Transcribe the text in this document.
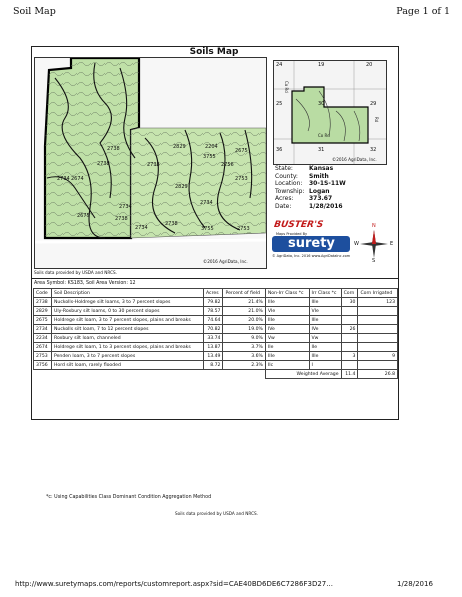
Soil Map	Page 1 of 1
Soils Map
2738
2738
2734 2674
2675
2734
2738
2734
2829
2738
2204
2675
3755
2756
2829
2734
2738
2753
3755	2753
©2016 AgriData, Inc.
24	19	20
25	30	29
36	31	32
Co Rd
Rd
Co Rd
©2016 AgriData, Inc.
State:	Kansas
County: Smith
Location: 30-1S-11W
Township: Logan
Acres:	373.67
Date:	1/28/2016
BUSTER'S
Maps Provided By
surety
© AgriData, Inc. 2016 www.AgriDataInc.com
N
W	E
S
Soils data provided by USDA and NRCS.
Area Symbol: KS183, Soil Area Version: 12
Code	Soil Description	Acres	Percent of field	Non-Irr Class *c	Irr Class *c	Corn	Corn Irrigated
2738	Nuckolls-Holdrege silt loams, 3 to 7 percent slopes	79.82	21.4%	IIIe	IIIe	30	123
2829	Uly-Roxbury silt loams, 0 to 30 percent slopes	78.57	21.0%	VIe	VIe		
2675	Holdrege silt loam, 3 to 7 percent slopes, plains and breaks	74.64	20.0%	IIIe	IIIe		
2734	Nuckolls silt loam, 7 to 12 percent slopes	70.82	19.0%	IVe	IVe	26	
2234	Roxbury silt loam, channeled	33.74	9.0%	Vw	Vw		
2674	Holdrege silt loam, 1 to 3 percent slopes, plains and breaks	13.87	3.7%	IIe	IIe		
2753	Penden loam, 3 to 7 percent slopes	13.49	3.6%	IIIe	IIIe	3	9
3756	Hord silt loam, rarely flooded	8.72	2.3%	IIc	I		
				Weighted Average		11.4	26.8
*c: Using Capabilities Class Dominant Condition Aggregation Method
Soils data provided by USDA and NRCS.
http://www.suretymaps.com/reports/customreport.aspx?sid=CAE40BD6DE6C7286F3D27...	1/28/2016
